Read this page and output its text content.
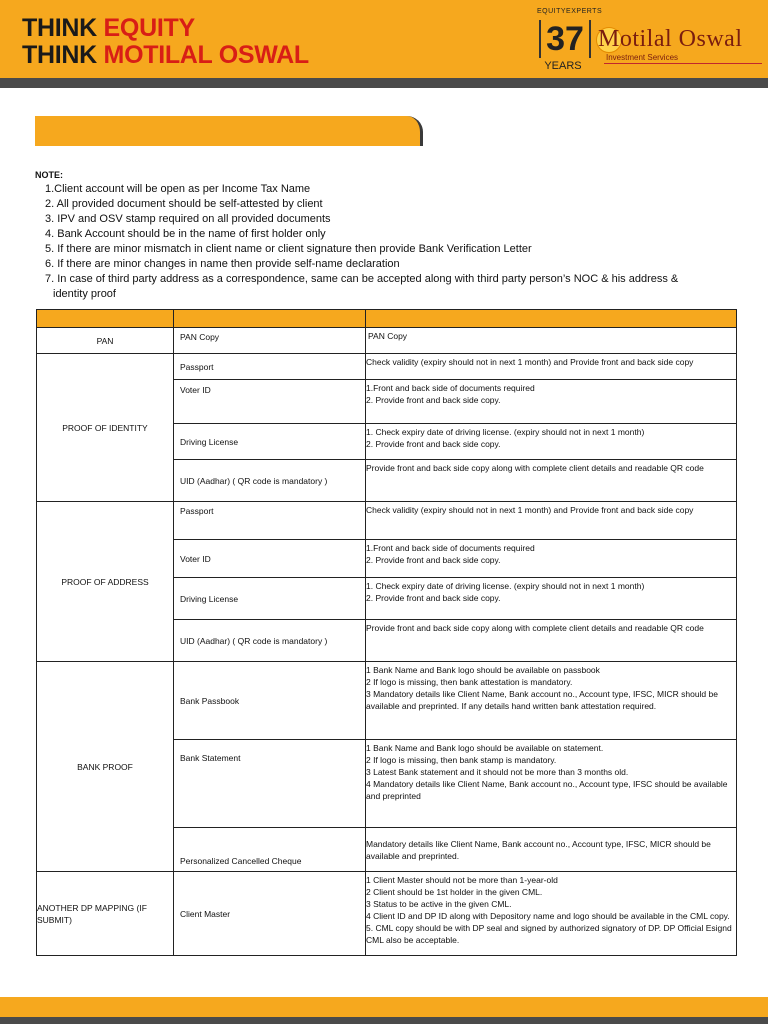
THINK EQUITY
THINK MOTILAL OSWAL
EQUITYEXPERTS
37
YEARS
Motilal Oswal
Investment Services
NOTE:
1.Client account will be open as per Income Tax Name
2. All provided document should be self-attested by client
3. IPV and OSV stamp required on all provided documents
4. Bank Account should be in the name of first holder only
5. If there are minor mismatch in client name or client signature then provide Bank Verification Letter
6. If there are minor changes in name then provide self-name declaration
7. In case of third party address as a correspondence, same can be accepted along with third party person’s NOC & his address &
identity proof

PAN	PAN Copy	PAN Copy
PROOF OF IDENTITY	Passport	Check validity (expiry should not in next 1 month) and Provide front and back side copy
	Voter ID	1.Front and back side of documents required
2. Provide front and back side copy.
	Driving License	1. Check expiry date of driving license. (expiry should not in next 1 month)
2. Provide front and back side copy.
	UID (Aadhar) ( QR code is mandatory )	Provide front and back side copy along with complete client details and readable QR code
PROOF OF ADDRESS	Passport	Check validity (expiry should not in next 1 month) and Provide front and back side copy
	Voter ID	1.Front and back side of documents required
2. Provide front and back side copy.
	Driving License	1. Check expiry date of driving license. (expiry should not in next 1 month)
2. Provide front and back side copy.
	UID (Aadhar) ( QR code is mandatory )	Provide front and back side copy along with complete client details and readable QR code
BANK PROOF	Bank Passbook	1 Bank Name and Bank logo should be available on passbook
2 If logo is missing, then bank attestation is mandatory.
3 Mandatory details like Client Name, Bank account no., Account type, IFSC, MICR should be available and preprinted. If any details hand written bank attestation required.
	Bank Statement	1 Bank Name and Bank logo should be available on statement.
2 If logo is missing, then bank stamp is mandatory.
3 Latest Bank statement and it should not be more than 3 months old.
4 Mandatory details like Client Name, Bank account no., Account type, IFSC should be available and preprinted
	Personalized Cancelled Cheque	Mandatory details like Client Name, Bank account no., Account type, IFSC, MICR should be available and preprinted.
ANOTHER DP MAPPING (IF SUBMIT)	Client Master	1 Client Master should not be more than 1-year-old
2 Client should be 1st holder in the given CML.
3 Status to be active in the given CML.
4 Client ID and DP ID along with Depository name and logo should be available in the CML copy.
5. CML copy should be with DP seal and signed by authorized signatory of DP. DP Official Esignd CML also be acceptable.
